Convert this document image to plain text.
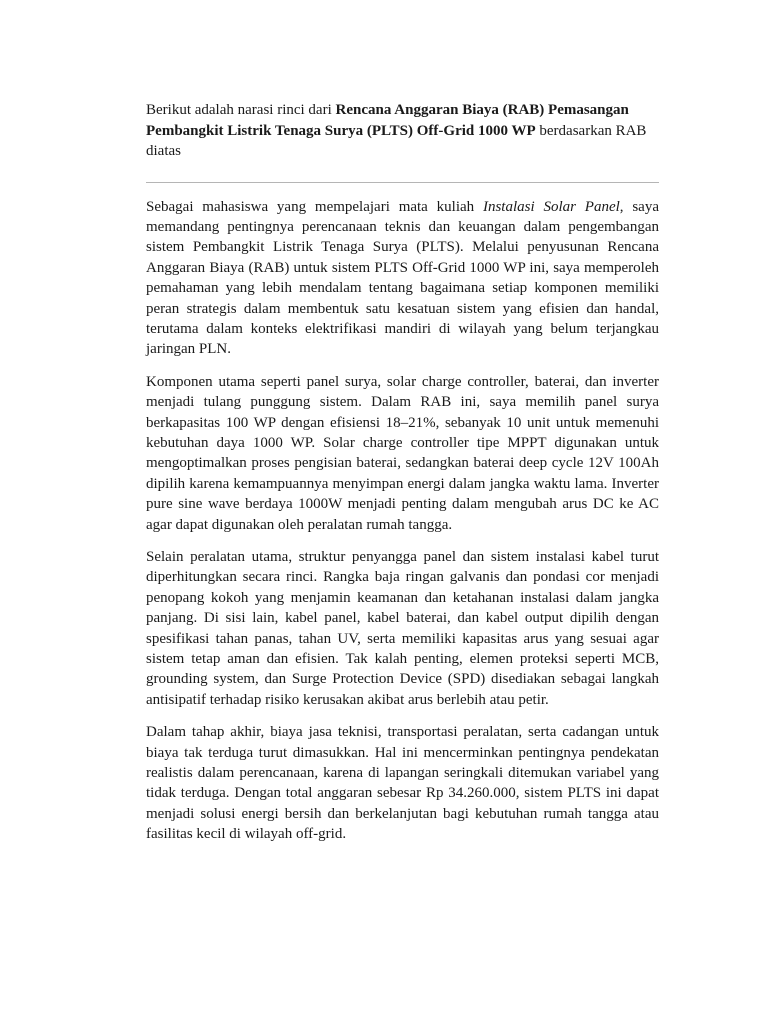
Berikut adalah narasi rinci dari Rencana Anggaran Biaya (RAB) Pemasangan Pembangkit Listrik Tenaga Surya (PLTS) Off-Grid 1000 WP berdasarkan RAB diatas

Sebagai mahasiswa yang mempelajari mata kuliah Instalasi Solar Panel, saya memandang pentingnya perencanaan teknis dan keuangan dalam pengembangan sistem Pembangkit Listrik Tenaga Surya (PLTS). Melalui penyusunan Rencana Anggaran Biaya (RAB) untuk sistem PLTS Off-Grid 1000 WP ini, saya memperoleh pemahaman yang lebih mendalam tentang bagaimana setiap komponen memiliki peran strategis dalam membentuk satu kesatuan sistem yang efisien dan handal, terutama dalam konteks elektrifikasi mandiri di wilayah yang belum terjangkau jaringan PLN.

Komponen utama seperti panel surya, solar charge controller, baterai, dan inverter menjadi tulang punggung sistem. Dalam RAB ini, saya memilih panel surya berkapasitas 100 WP dengan efisiensi 18–21%, sebanyak 10 unit untuk memenuhi kebutuhan daya 1000 WP. Solar charge controller tipe MPPT digunakan untuk mengoptimalkan proses pengisian baterai, sedangkan baterai deep cycle 12V 100Ah dipilih karena kemampuannya menyimpan energi dalam jangka waktu lama. Inverter pure sine wave berdaya 1000W menjadi penting dalam mengubah arus DC ke AC agar dapat digunakan oleh peralatan rumah tangga.

Selain peralatan utama, struktur penyangga panel dan sistem instalasi kabel turut diperhitungkan secara rinci. Rangka baja ringan galvanis dan pondasi cor menjadi penopang kokoh yang menjamin keamanan dan ketahanan instalasi dalam jangka panjang. Di sisi lain, kabel panel, kabel baterai, dan kabel output dipilih dengan spesifikasi tahan panas, tahan UV, serta memiliki kapasitas arus yang sesuai agar sistem tetap aman dan efisien. Tak kalah penting, elemen proteksi seperti MCB, grounding system, dan Surge Protection Device (SPD) disediakan sebagai langkah antisipatif terhadap risiko kerusakan akibat arus berlebih atau petir.

Dalam tahap akhir, biaya jasa teknisi, transportasi peralatan, serta cadangan untuk biaya tak terduga turut dimasukkan. Hal ini mencerminkan pentingnya pendekatan realistis dalam perencanaan, karena di lapangan seringkali ditemukan variabel yang tidak terduga. Dengan total anggaran sebesar Rp 34.260.000, sistem PLTS ini dapat menjadi solusi energi bersih dan berkelanjutan bagi kebutuhan rumah tangga atau fasilitas kecil di wilayah off-grid.
